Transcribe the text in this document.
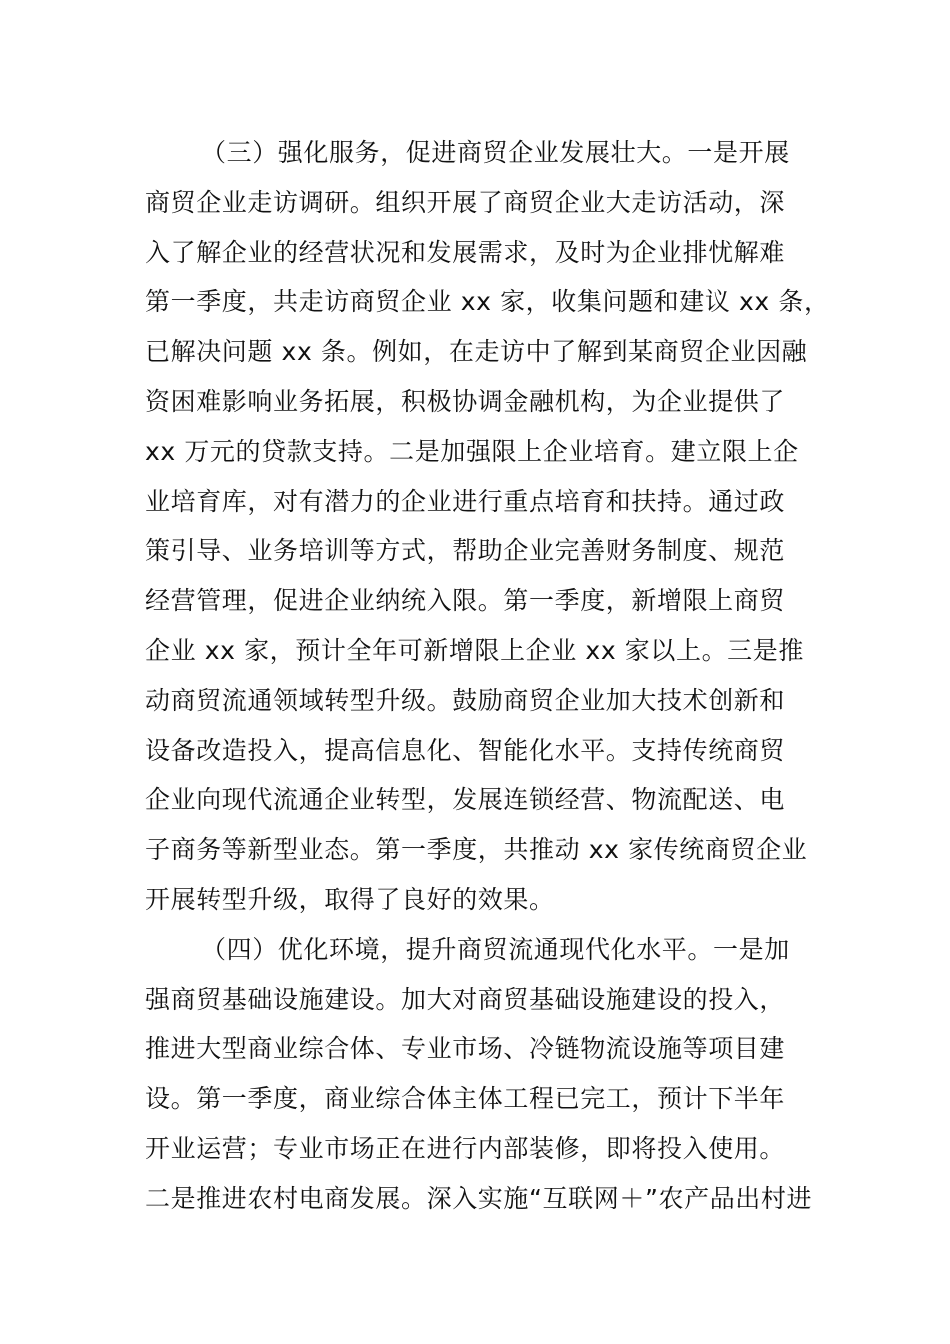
（三）强化服务，促进商贸企业发展壮大。一是开展
商贸企业走访调研。组织开展了商贸企业大走访活动，深
入了解企业的经营状况和发展需求，及时为企业排忧解难
第一季度，共走访商贸企业 xx 家，收集问题和建议 xx 条，
已解决问题 xx 条。例如，在走访中了解到某商贸企业因融
资困难影响业务拓展，积极协调金融机构，为企业提供了
xx 万元的贷款支持。二是加强限上企业培育。建立限上企
业培育库，对有潜力的企业进行重点培育和扶持。通过政
策引导、业务培训等方式，帮助企业完善财务制度、规范
经营管理，促进企业纳统入限。第一季度，新增限上商贸
企业 xx 家，预计全年可新增限上企业 xx 家以上。三是推
动商贸流通领域转型升级。鼓励商贸企业加大技术创新和
设备改造投入，提高信息化、智能化水平。支持传统商贸
企业向现代流通企业转型，发展连锁经营、物流配送、电
子商务等新型业态。第一季度，共推动 xx 家传统商贸企业
开展转型升级，取得了良好的效果。
（四）优化环境，提升商贸流通现代化水平。一是加
强商贸基础设施建设。加大对商贸基础设施建设的投入，
推进大型商业综合体、专业市场、冷链物流设施等项目建
设。第一季度，商业综合体主体工程已完工，预计下半年
开业运营；专业市场正在进行内部装修，即将投入使用。
二是推进农村电商发展。深入实施“互联网＋”农产品出村进
